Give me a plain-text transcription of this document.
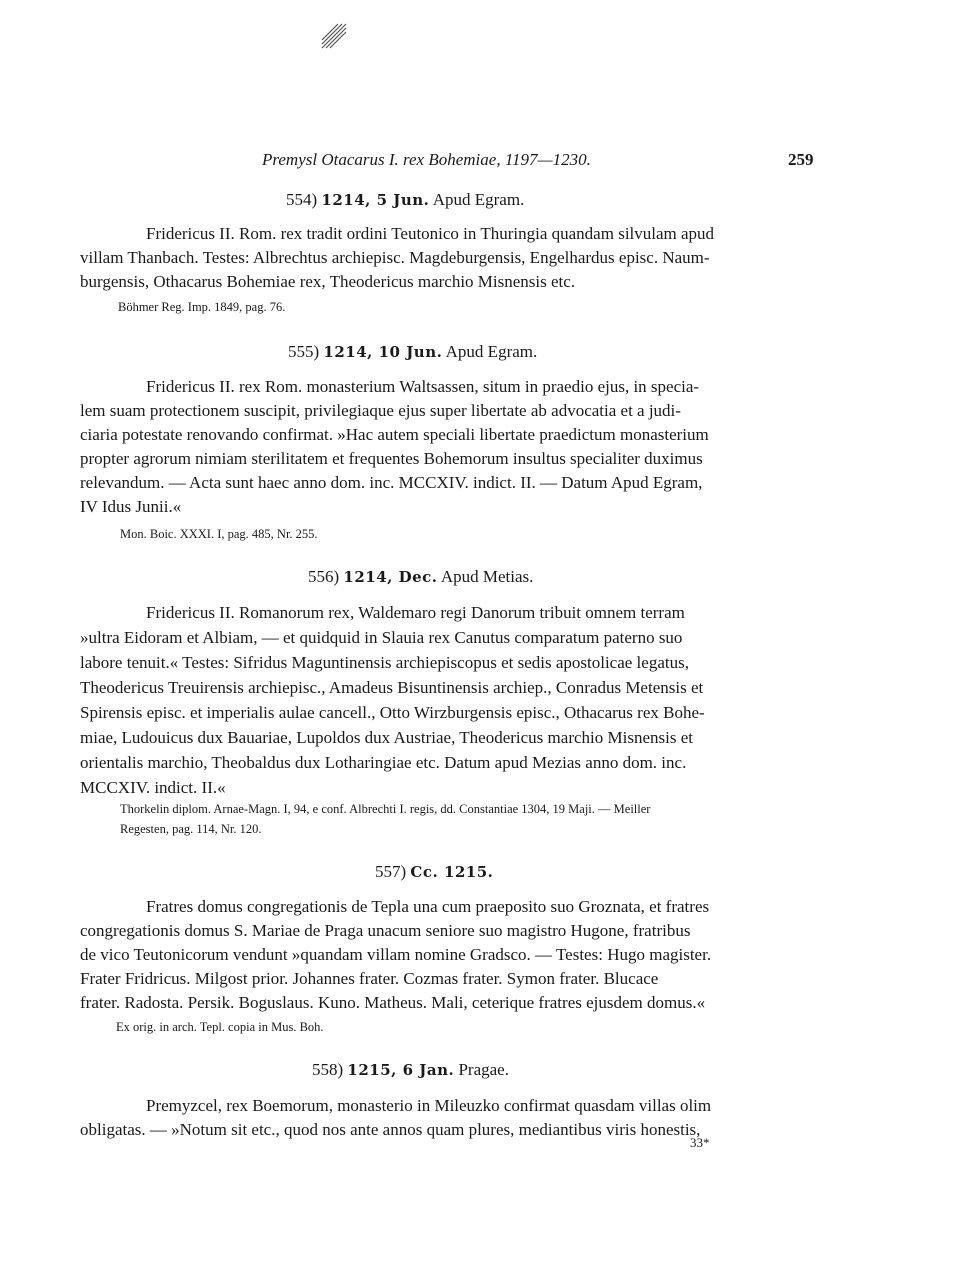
Premysl Otacarus I. rex Bohemiae, 1197—1230.	259
554) 1214, 5 Jun. Apud Egram.
Fridericus II. Rom. rex tradit ordini Teutonico in Thuringia quandam silvulam apud
villam Thanbach. Testes: Albrechtus archiepisc. Magdeburgensis, Engelhardus episc. Naum-
burgensis, Othacarus Bohemiae rex, Theodericus marchio Misnensis etc.
Böhmer Reg. Imp. 1849, pag. 76.
555) 1214, 10 Jun. Apud Egram.
Fridericus II. rex Rom. monasterium Waltsassen, situm in praedio ejus, in specia-
lem suam protectionem suscipit, privilegiaque ejus super libertate ab advocatia et a judi-
ciaria potestate renovando confirmat. »Hac autem speciali libertate praedictum monasterium
propter agrorum nimiam sterilitatem et frequentes Bohemorum insultus specialiter duximus
relevandum. — Acta sunt haec anno dom. inc. MCCXIV. indict. II. — Datum Apud Egram,
IV Idus Junii.«
Mon. Boic. XXXI. I, pag. 485, Nr. 255.
556) 1214, Dec. Apud Metias.
Fridericus II. Romanorum rex, Waldemaro regi Danorum tribuit omnem terram
»ultra Eidoram et Albiam, — et quidquid in Slauia rex Canutus comparatum paterno suo
labore tenuit.« Testes: Sifridus Maguntinensis archiepiscopus et sedis apostolicae legatus,
Theodericus Treuirensis archiepisc., Amadeus Bisuntinensis archiep., Conradus Metensis et
Spirensis episc. et imperialis aulae cancell., Otto Wirzburgensis episc., Othacarus rex Bohe-
miae, Ludouicus dux Bauariae, Lupoldos dux Austriae, Theodericus marchio Misnensis et
orientalis marchio, Theobaldus dux Lotharingiae etc. Datum apud Mezias anno dom. inc.
MCCXIV. indict. II.«
Thorkelin diplom. Arnae-Magn. I, 94, e conf. Albrechti I. regis, dd. Constantiae 1304, 19 Maji. — Meiller
Regesten, pag. 114, Nr. 120.
557) Cc. 1215.
Fratres domus congregationis de Tepla una cum praeposito suo Groznata, et fratres
congregationis domus S. Mariae de Praga unacum seniore suo magistro Hugone, fratribus
de vico Teutonicorum vendunt »quandam villam nomine Gradsco. — Testes: Hugo magister.
Frater Fridricus. Milgost prior. Johannes frater. Cozmas frater. Symon frater. Blucace
frater. Radosta. Persik. Boguslaus. Kuno. Matheus. Mali, ceterique fratres ejusdem domus.«
Ex orig. in arch. Tepl. copia in Mus. Boh.
558) 1215, 6 Jan. Pragae.
Premyzcel, rex Boemorum, monasterio in Mileuzko confirmat quasdam villas olim
obligatas. — »Notum sit etc., quod nos ante annos quam plures, mediantibus viris honestis,
33*
